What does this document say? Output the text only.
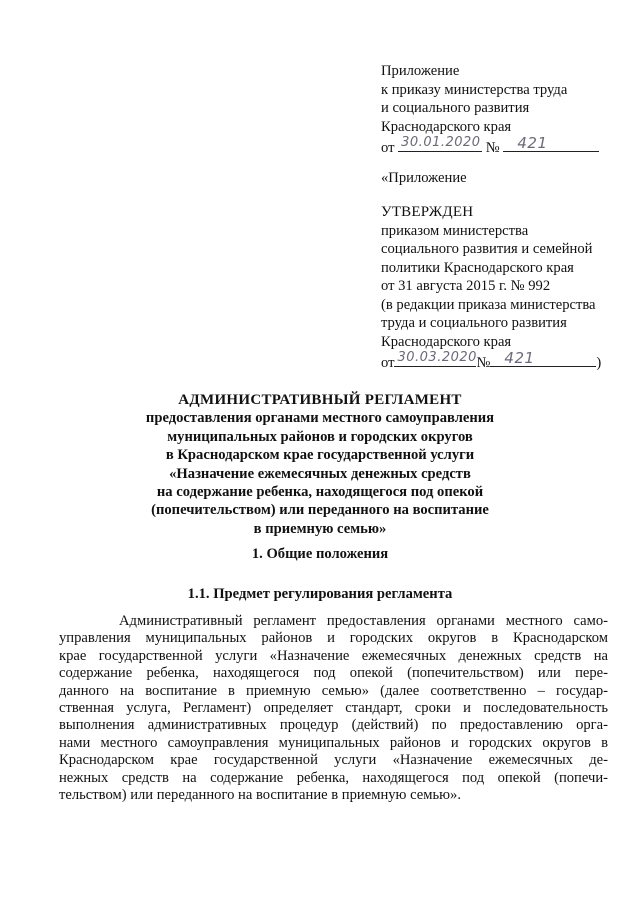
Приложение
к приказу министерства труда
и социального развития
Краснодарского края
от 30.01.2020 № 421
«Приложение
УТВЕРЖДЕН
приказом министерства
социального развития и семейной
политики Краснодарского края
от 31 августа 2015 г. № 992
(в редакции приказа министерства
труда и социального развития
Краснодарского края
от 30.03.2020 № 421	)
АДМИНИСТРАТИВНЫЙ РЕГЛАМЕНТ
предоставления органами местного самоуправления
муниципальных районов и городских округов
в Краснодарском крае государственной услуги
«Назначение ежемесячных денежных средств
на содержание ребенка, находящегося под опекой
(попечительством) или переданного на воспитание
в приемную семью»
1. Общие положения
1.1. Предмет регулирования регламента
Административный регламент предоставления органами местного само-
управления муниципальных районов и городских округов в Краснодарском
крае государственной услуги «Назначение ежемесячных денежных средств на
содержание ребенка, находящегося под опекой (попечительством) или пере-
данного на воспитание в приемную семью» (далее соответственно – государ-
ственная услуга, Регламент) определяет стандарт, сроки и последовательность
выполнения административных процедур (действий) по предоставлению орга-
нами местного самоуправления муниципальных районов и городских округов в
Краснодарском крае государственной услуги «Назначение ежемесячных де-
нежных средств на содержание ребенка, находящегося под опекой (попечи-
тельством) или переданного на воспитание в приемную семью».
